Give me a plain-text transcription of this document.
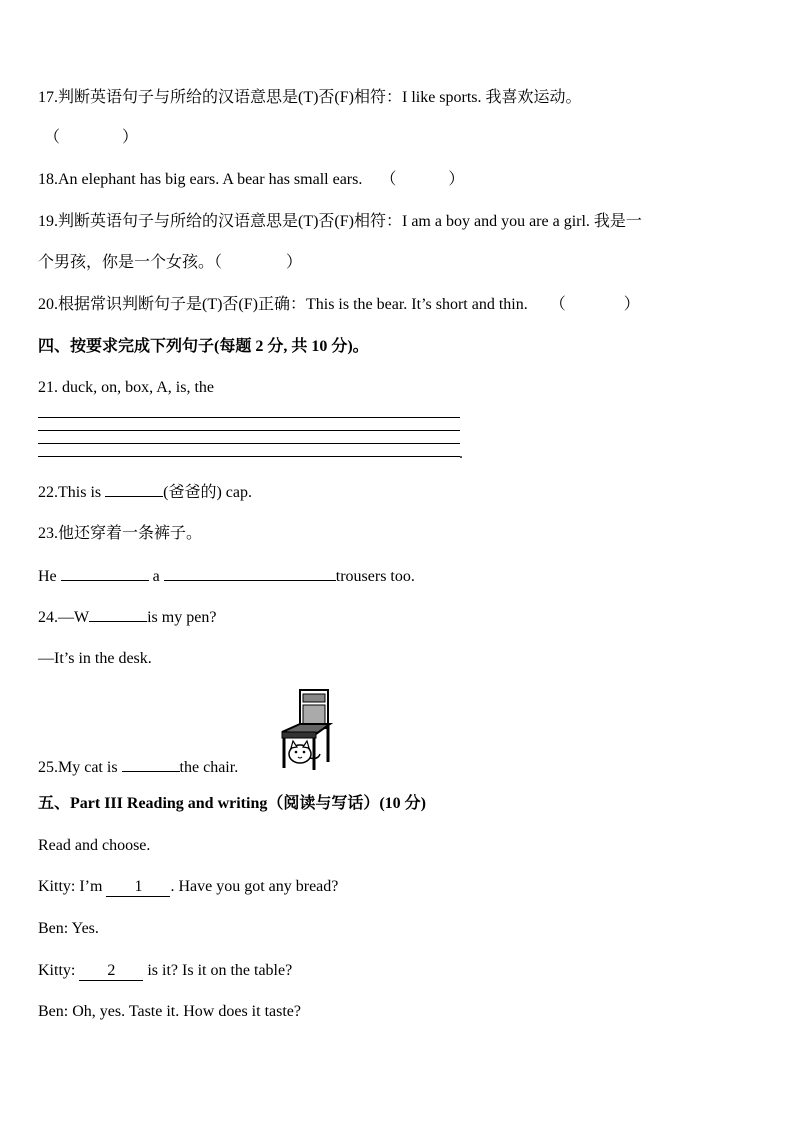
17.判断英语句子与所给的汉语意思是(T)否(F)相符：I like sports. 我喜欢运动。
（	）
18.An elephant has big ears. A bear has small ears. （	）
19.判断英语句子与所给的汉语意思是(T)否(F)相符：I am a boy and you are a girl. 我是一
个男孩，你是一个女孩。（	）
20.根据常识判断句子是(T)否(F)正确：This is the bear. It’s short and thin. （	）
四、按要求完成下列句子(每题 2 分, 共 10 分)。
21. duck, on, box, A, is, the
.
22.This is	(爸爸的) cap.
23.他还穿着一条裤子。
He	a	trousers too.
24.—W	is my pen?
—It’s in the desk.
25.My cat is	the chair.
五、Part III Reading and writing（阅读与写话）(10 分)
Read and choose.
Kitty: I’m 1 . Have you got any bread?
Ben: Yes.
Kitty: 2 is it? Is it on the table?
Ben: Oh, yes. Taste it. How does it taste?
